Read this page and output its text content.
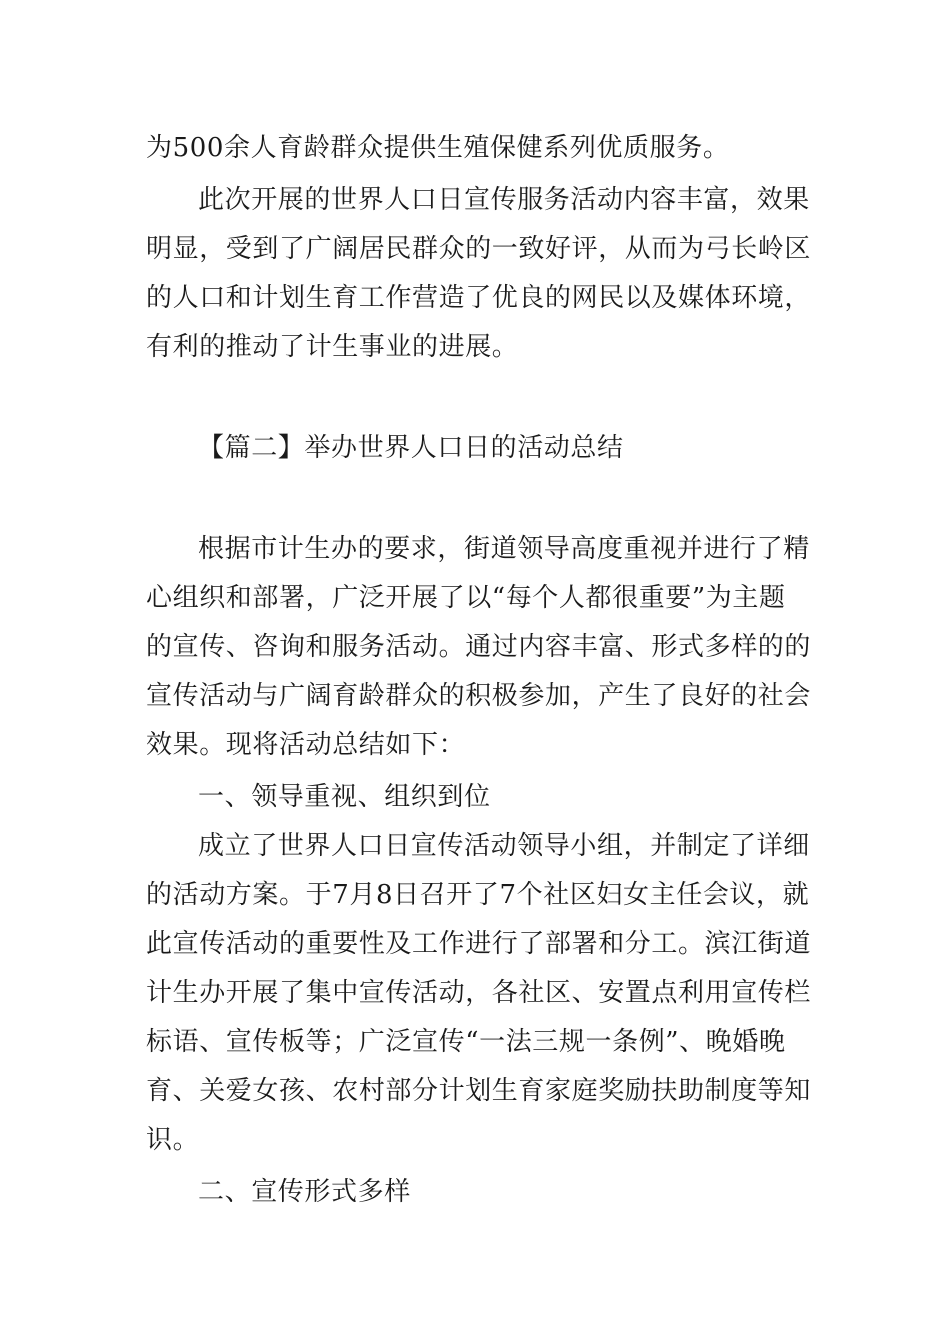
为500余人育龄群众提供生殖保健系列优质服务。
此次开展的世界人口日宣传服务活动内容丰富，效果
明显，受到了广阔居民群众的一致好评，从而为弓长岭区
的人口和计划生育工作营造了优良的网民以及媒体环境，
有利的推动了计生事业的进展。
【篇二】举办世界人口日的活动总结
根据市计生办的要求，街道领导高度重视并进行了精
心组织和部署，广泛开展了以“每个人都很重要”为主题
的宣传、咨询和服务活动。通过内容丰富、形式多样的的
宣传活动与广阔育龄群众的积极参加，产生了良好的社会
效果。现将活动总结如下：
一、领导重视、组织到位
成立了世界人口日宣传活动领导小组，并制定了详细
的活动方案。于7月8日召开了7个社区妇女主任会议，就
此宣传活动的重要性及工作进行了部署和分工。滨江街道
计生办开展了集中宣传活动，各社区、安置点利用宣传栏
标语、宣传板等；广泛宣传“一法三规一条例”、晚婚晚
育、关爱女孩、农村部分计划生育家庭奖励扶助制度等知
识。
二、宣传形式多样
